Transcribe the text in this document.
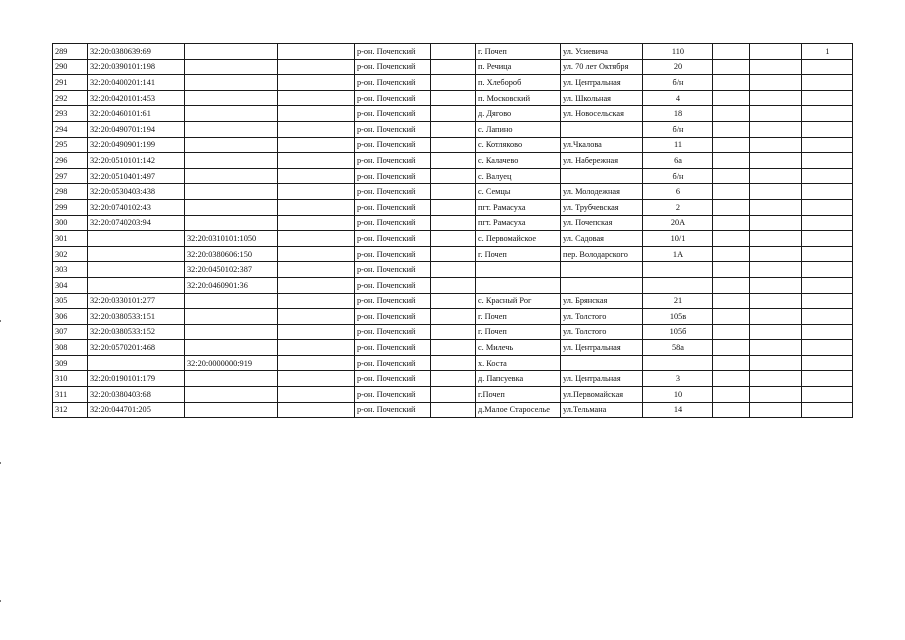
289	32:20:0380639:69			р-он. Почепский		г. Почеп	ул. Усиевича	110			1
290	32:20:0390101:198			р-он. Почепский		п. Речица	ул. 70 лет Октября	20			
291	32:20:0400201:141			р-он. Почепский		п. Хлебороб	ул. Центральная	б/н			
292	32:20:0420101:453			р-он. Почепский		п. Московский	ул. Школьная	4			
293	32:20:0460101:61			р-он. Почепский		д. Дягово	ул. Новосельская	18			
294	32:20:0490701:194			р-он. Почепский		с. Лапино		б/н			
295	32:20:0490901:199			р-он. Почепский		с. Котляково	ул.Чкалова	11			
296	32:20:0510101:142			р-он. Почепский		с. Калачево	ул. Набережная	6а			
297	32:20:0510401:497			р-он. Почепский		с. Валуец		б/н			
298	32:20:0530403:438			р-он. Почепский		с. Семцы	ул. Молодежная	6			
299	32:20:0740102:43			р-он. Почепский		пгт. Рамасуха	ул. Трубчевская	2			
300	32:20:0740203:94			р-он. Почепский		пгт. Рамасуха	ул. Почепская	20А			
301		32:20:0310101:1050		р-он. Почепский		с. Первомайское	ул. Садовая	10/1			
302		32:20:0380606:150		р-он. Почепский		г. Почеп	пер. Володарского	1А			
303		32:20:0450102:387		р-он. Почепский							
304		32:20:0460901:36		р-он. Почепский							
305	32:20:0330101:277			р-он. Почепский		с. Красный Рог	ул. Брянская	21			
306	32:20:0380533:151			р-он. Почепский		г. Почеп	ул. Толстого	105в			
307	32:20:0380533:152			р-он. Почепский		г. Почеп	ул. Толстого	105б			
308	32:20:0570201:468			р-он. Почепский		с. Милечь	ул. Центральная	58а			
309		32:20:0000000:919		р-он. Почепский		х. Коста					
310	32:20:0190101:179			р-он. Почепский		д. Папсуевка	ул. Центральная	3			
311	32:20:0380403:68			р-он. Почепский		г.Почеп	ул.Первомайская	10			
312	32:20:044701:205			р-он. Почепский		д.Малое Староселье	ул.Тельмана	14			
